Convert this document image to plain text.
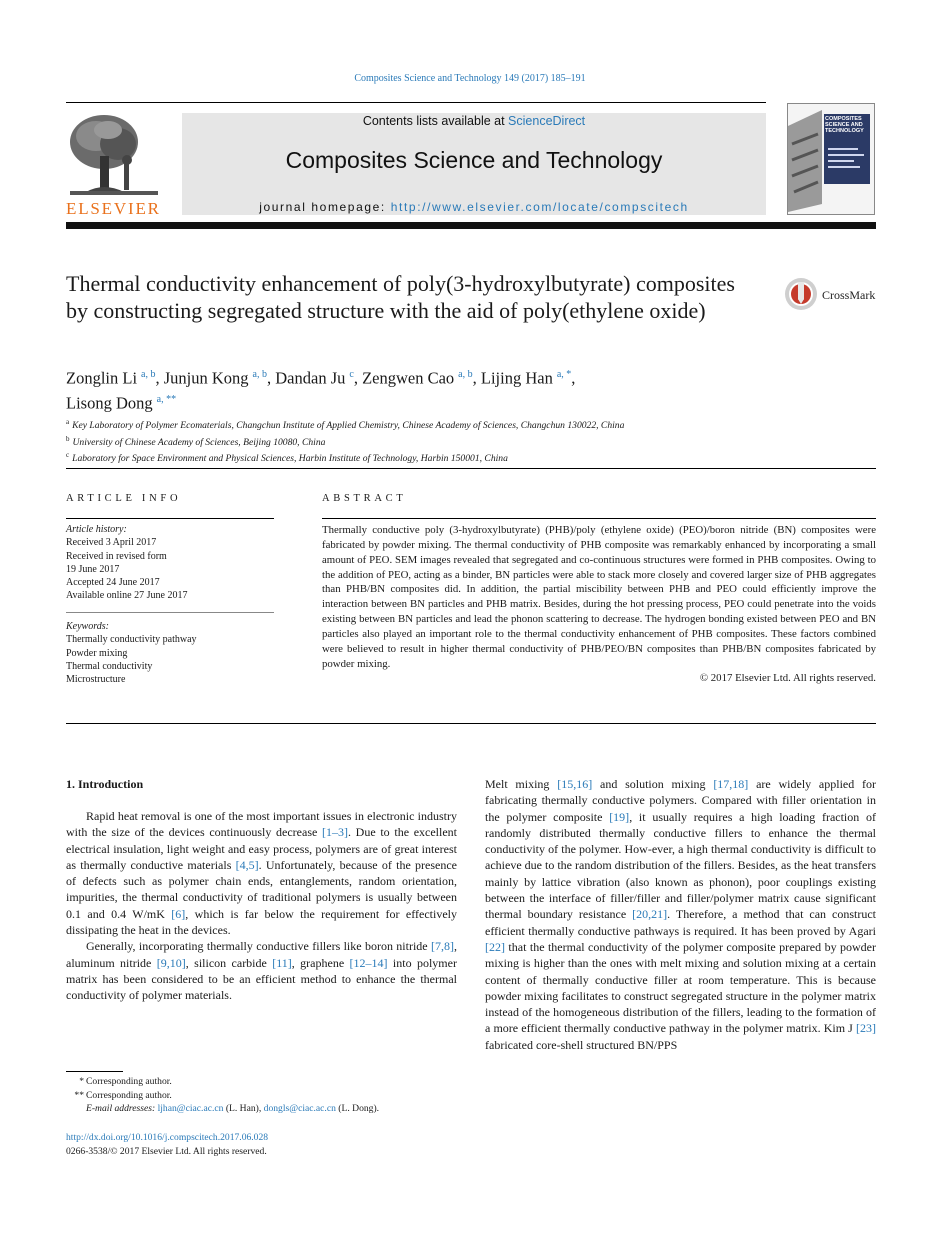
Composites Science and Technology 149 (2017) 185–191
ELSEVIER
Contents lists available at ScienceDirect
Composites Science and Technology
journal homepage: http://www.elsevier.com/locate/compscitech
COMPOSITES SCIENCE AND TECHNOLOGY
Thermal conductivity enhancement of poly(3-hydroxylbutyrate) composites by constructing segregated structure with the aid of poly(ethylene oxide)
CrossMark
Zonglin Li $^{a, b}$, Junjun Kong $^{a, b}$, Dandan Ju $^c$, Zengwen Cao $^{a, b}$, Lijing Han $^{a, *}$,
Lisong Dong $^{a, **}$
$^a$ Key Laboratory of Polymer Ecomaterials, Changchun Institute of Applied Chemistry, Chinese Academy of Sciences, Changchun 130022, China
$^b$ University of Chinese Academy of Sciences, Beijing 10080, China
$^c$ Laboratory for Space Environment and Physical Sciences, Harbin Institute of Technology, Harbin 150001, China
ARTICLE INFO	ABSTRACT
Article history:
Received 3 April 2017
Received in revised form
19 June 2017
Accepted 24 June 2017
Available online 27 June 2017
Keywords:
Thermally conductivity pathway
Powder mixing
Thermal conductivity
Microstructure
Thermally conductive poly (3-hydroxylbutyrate) (PHB)/poly (ethylene oxide) (PEO)/boron nitride (BN) composites were fabricated by powder mixing. The thermal conductivity of PHB composite was remarkably enhanced by incorporating a small amount of PEO. SEM images revealed that segregated and co-continuous structures were formed in PHB composites. Owing to the addition of PEO, acting as a binder, BN particles were able to stack more closely and covered larger size of PHB aggregates than PHB/BN composites did. In addition, the partial miscibility between PHB and PEO could efficiently improve the interaction between BN particles and PHB matrix. Besides, during the hot pressing process, PEO could penetrate into the voids existing between BN particles and lead the phonon scattering to decrease. The hydrogen bonding existed between PEO and BN particles also played an important role to the thermal conductivity enhancement of PHB composites. These factors combined were believed to result in higher thermal conductivity of PHB/PEO/BN composites than PHB/BN composites fabricated by powder mixing.
© 2017 Elsevier Ltd. All rights reserved.
1. Introduction

Rapid heat removal is one of the most important issues in electronic industry with the size of the devices continuously decrease [1–3]. Due to the excellent electrical insulation, light weight and easy process, polymers are of great interest as thermally conductive materials [4,5]. Unfortunately, because of the presence of defects such as polymer chain ends, entanglements, random orientation, impurities, the thermal conductivity of traditional polymers is usually between 0.1 and 0.4 W/mK [6], which is far below the requirement for effectively dissipating the heat in the devices.

Generally, incorporating thermally conductive fillers like boron nitride [7,8], aluminum nitride [9,10], silicon carbide [11], graphene [12–14] into polymer matrix has been considered to be an efficient method to enhance the thermal conductivity of polymer materials.

Melt mixing [15,16] and solution mixing [17,18] are widely applied for fabricating thermally conductive polymers. Compared with filler orientation in the polymer composite [19], it usually requires a high loading fraction of randomly distributed thermally conductive fillers to enhance the thermal conductivity of the polymer. How-ever, a high thermal conductivity is difficult to achieve due to the random distribution of the fillers. Besides, as the heat transfers mainly by lattice vibration (also known as phonon), poor couplings existing between the interface of filler/filler and filler/polymer matrix cause significant thermal boundary resistance [20,21]. Therefore, a method that can construct efficient thermally conductive pathways is required. It has been proved by Agari [22] that the thermal conductivity of the polymer composite prepared by powder mixing is higher than the ones with melt mixing and solution mixing at a certain content of thermally conductive filler at room temperature. This is because powder mixing facilitates to construct segregated structure in the polymer matrix instead of the homogeneous distribution of the fillers, leading to the formation of a more efficient thermally conductive pathway in the polymer matrix. Kim J [23] fabricated core-shell structured BN/PPS

* Corresponding author.
** Corresponding author.
E-mail addresses: ljhan@ciac.ac.cn (L. Han), dongls@ciac.ac.cn (L. Dong).
http://dx.doi.org/10.1016/j.compscitech.2017.06.028
0266-3538/© 2017 Elsevier Ltd. All rights reserved.
